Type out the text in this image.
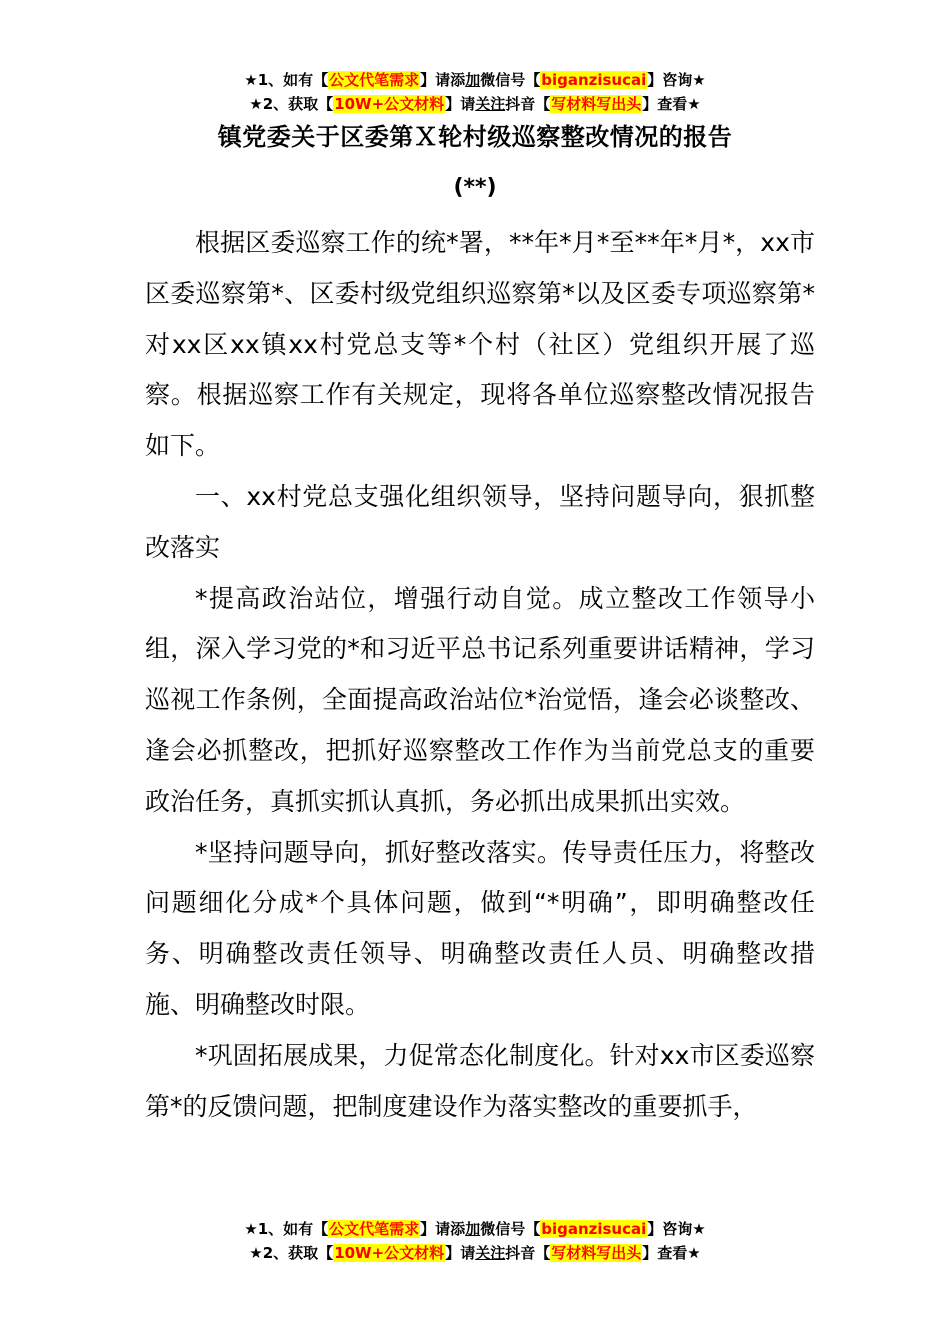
★1、如有【公文代笔需求】请添加微信号【biganzisucai】咨询★
★2、获取【10W+公文材料】请关注抖音【写材料写出头】查看★
镇党委关于区委第Ｘ轮村级巡察整改情况的报告
(**)

根据区委巡察工作的统*署，**年*月*至**年*月*，xx市区委巡察第*、区委村级党组织巡察第*以及区委专项巡察第*对xx区xx镇xx村党总支等*个村（社区）党组织开展了巡察。根据巡察工作有关规定，现将各单位巡察整改情况报告如下。

一、xx村党总支强化组织领导，坚持问题导向，狠抓整改落实

*提高政治站位，增强行动自觉。成立整改工作领导小组，深入学习党的*和习近平总书记系列重要讲话精神，学习巡视工作条例，全面提高政治站位*治觉悟，逢会必谈整改、逢会必抓整改，把抓好巡察整改工作作为当前党总支的重要政治任务，真抓实抓认真抓，务必抓出成果抓出实效。

*坚持问题导向，抓好整改落实。传导责任压力，将整改问题细化分成*个具体问题，做到“*明确”，即明确整改任务、明确整改责任领导、明确整改责任人员、明确整改措施、明确整改时限。

*巩固拓展成果，力促常态化制度化。针对xx市区委巡察第*的反馈问题，把制度建设作为落实整改的重要抓手，

★1、如有【公文代笔需求】请添加微信号【biganzisucai】咨询★
★2、获取【10W+公文材料】请关注抖音【写材料写出头】查看★
